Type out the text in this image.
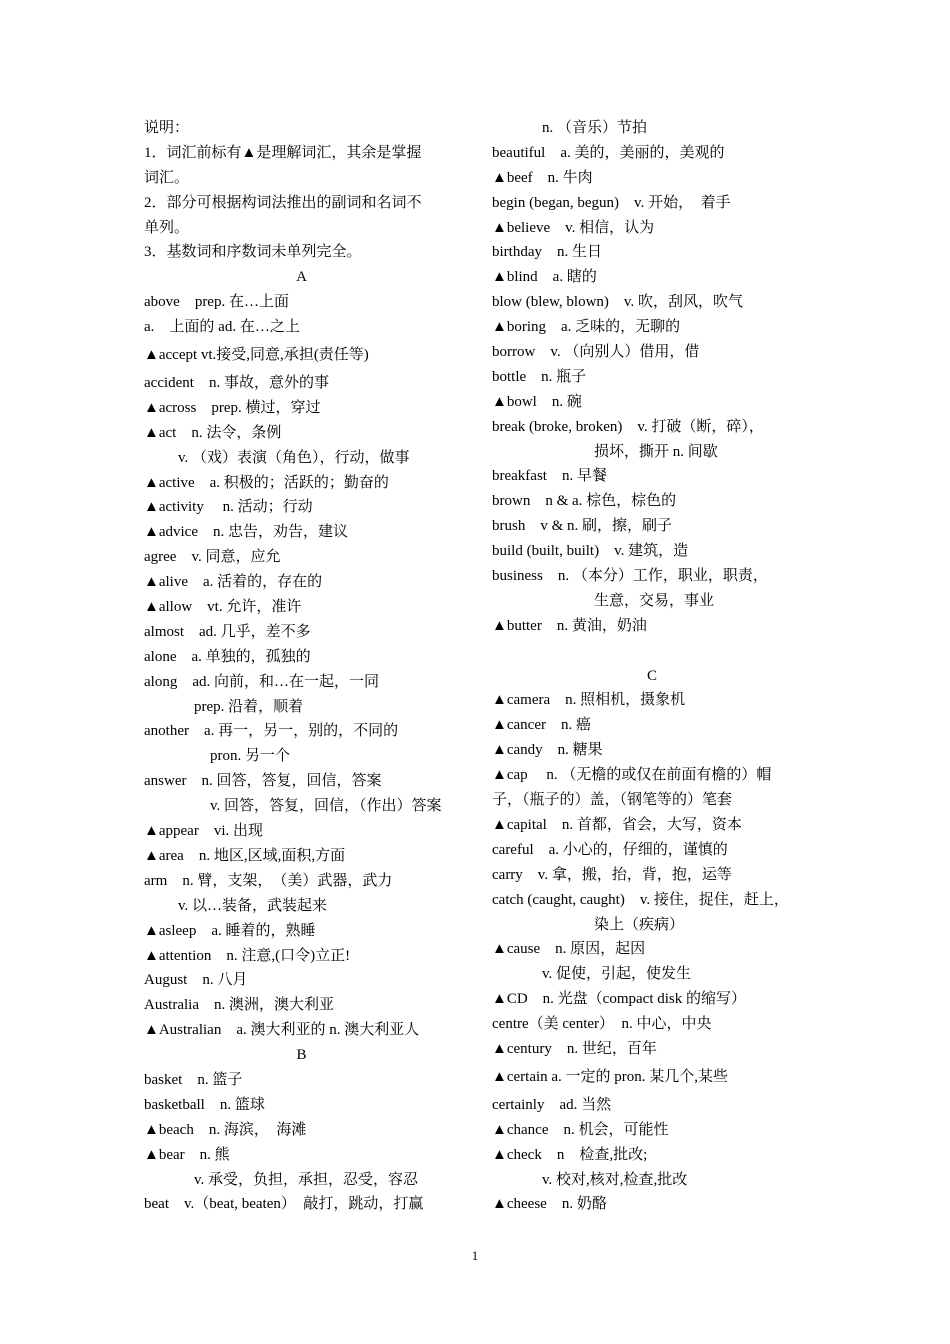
说明：
1．词汇前标有▲是理解词汇，其余是掌握
词汇。
2．部分可根据构词法推出的副词和名词不
单列。
3．基数词和序数词未单列完全。
A
above　prep. 在…上面
a.　上面的 ad. 在…之上
▲accept vt.接受,同意,承担(责任等)
accident　n. 事故，意外的事
▲across　prep. 横过，穿过
▲act　n. 法令，条例
v. （戏）表演（角色），行动，做事
▲active　a. 积极的；活跃的；勤奋的
▲activity　 n. 活动；行动
▲advice　n. 忠告，劝告，建议
agree　v. 同意，应允
▲alive　a. 活着的，存在的
▲allow　vt. 允许，准许
almost　ad. 几乎，差不多
alone　a. 单独的，孤独的
along　ad. 向前，和…在一起，一同
prep. 沿着，顺着
another　a. 再一，另一，别的，不同的
pron. 另一个
answer　n. 回答，答复，回信，答案
v. 回答，答复，回信，（作出）答案
▲appear　vi. 出现
▲area　n. 地区,区域,面积,方面
arm　n. 臂，支架，　（美）武器，武力
v. 以…装备，武装起来
▲asleep　a. 睡着的，熟睡
▲attention　n. 注意,(口令)立正!
August　n. 八月
Australia　n. 澳洲，澳大利亚
▲Australian　a. 澳大利亚的 n. 澳大利亚人
B
basket　n. 篮子
basketball　n. 篮球
▲beach　n. 海滨，　海滩
▲bear　n. 熊
v. 承受，负担，承担，忍受，容忍
beat　v.（beat, beaten）　敲打，跳动，打赢
n. （音乐）节拍
beautiful　a. 美的，美丽的，美观的
▲beef　n. 牛肉
begin (began, begun)　v. 开始，　着手
▲believe　v. 相信，认为
birthday　n. 生日
▲blind　a. 瞎的
blow (blew, blown)　v. 吹，刮风，吹气
▲boring　a. 乏味的，无聊的
borrow　v. （向别人）借用，借
bottle　n. 瓶子
▲bowl　n. 碗
break (broke, broken)　v. 打破（断，碎），
损坏，撕开 n. 间歇
breakfast　n. 早餐
brown　n & a. 棕色，棕色的
brush　v & n. 刷，擦，刷子
build (built, built)　v. 建筑，造
business　n. （本分）工作，职业，职责，
生意，交易，事业
▲butter　n. 黄油，奶油
C
▲camera　n. 照相机，摄象机
▲cancer　n. 癌
▲candy　n. 糖果
▲cap　 n. （无檐的或仅在前面有檐的）帽
子，（瓶子的）盖，（钢笔等的）笔套
▲capital　n. 首都，省会，大写，资本
careful　a. 小心的，仔细的，谨慎的
carry　v. 拿，搬，抬，背，抱，运等
catch (caught, caught)　v. 接住，捉住，赶上，
染上（疾病）
▲cause　n. 原因，起因
v. 促使，引起，使发生
▲CD　n. 光盘（compact disk 的缩写）
centre（美 center）　n. 中心，中央
▲century　n. 世纪，百年
▲certain a. 一定的 pron. 某几个,某些
certainly　ad. 当然
▲chance　n. 机会，可能性
▲check　n　检查,批改;
v. 校对,核对,检查,批改
▲cheese　n. 奶酪
1
